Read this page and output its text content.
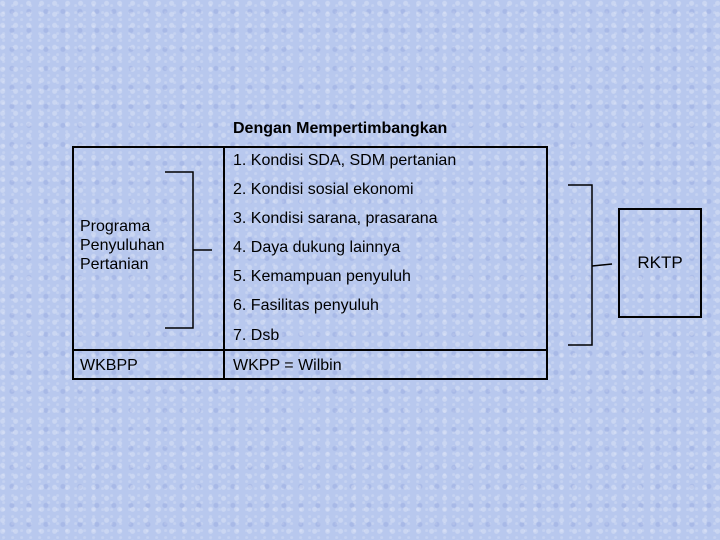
Dengan Mempertimbangkan
1. Kondisi SDA, SDM pertanian
2. Kondisi sosial ekonomi
3. Kondisi sarana, prasarana
4. Daya dukung lainnya
5. Kemampuan penyuluh
6. Fasilitas penyuluh
7. Dsb
Programa Penyuluhan Pertanian
WKBPP	WKPP = Wilbin
RKTP
